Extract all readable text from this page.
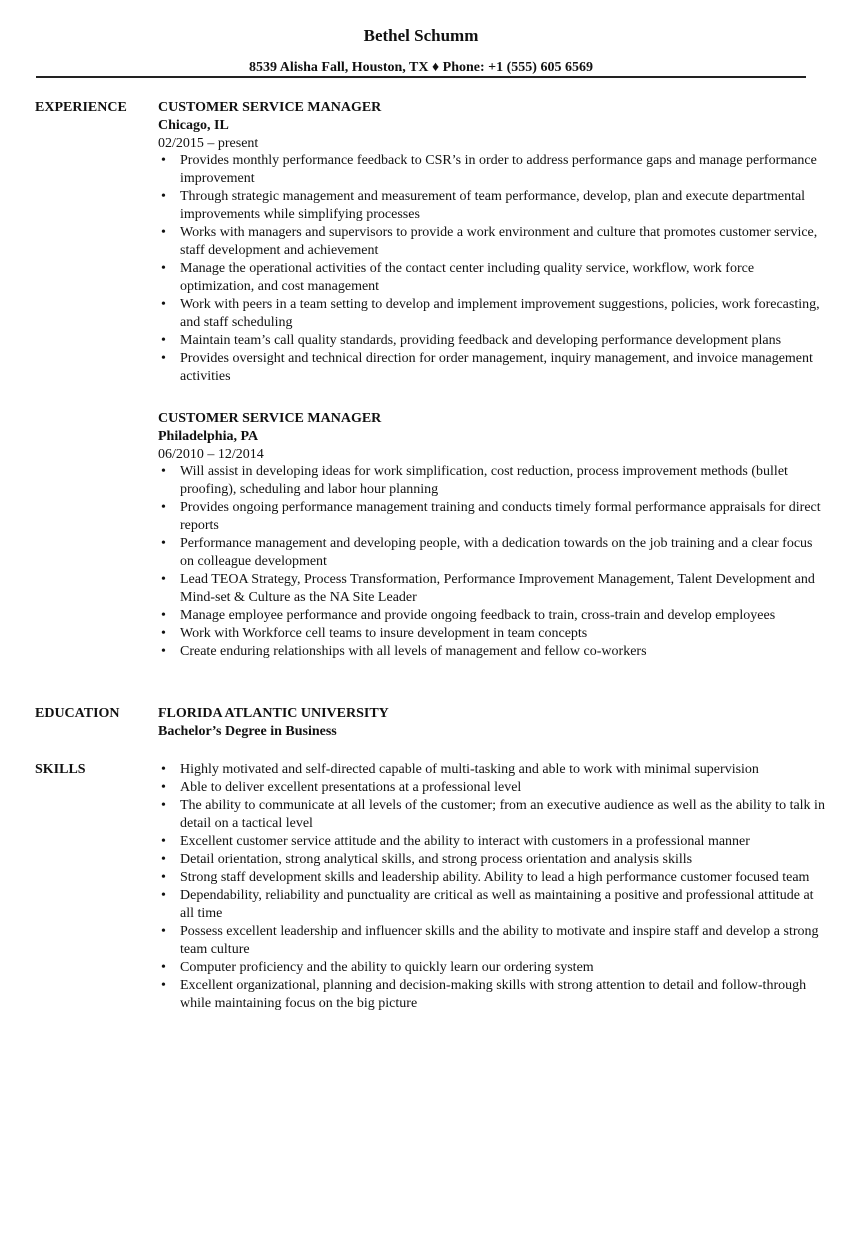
Bethel Schumm
8539 Alisha Fall, Houston, TX ♦ Phone: +1 (555) 605 6569
EXPERIENCE CUSTOMER SERVICE MANAGER
Chicago, IL
02/2015 – present
• Provides monthly performance feedback to CSR’s in order to address performance gaps and manage performance improvement
• Through strategic management and measurement of team performance, develop, plan and execute departmental improvements while simplifying processes
• Works with managers and supervisors to provide a work environment and culture that promotes customer service, staff development and achievement
• Manage the operational activities of the contact center including quality service, workflow, work force optimization, and cost management
• Work with peers in a team setting to develop and implement improvement suggestions, policies, work forecasting, and staff scheduling
• Maintain team’s call quality standards, providing feedback and developing performance development plans
• Provides oversight and technical direction for order management, inquiry management, and invoice management activities
CUSTOMER SERVICE MANAGER
Philadelphia, PA
06/2010 – 12/2014
• Will assist in developing ideas for work simplification, cost reduction, process improvement methods (bullet proofing), scheduling and labor hour planning
• Provides ongoing performance management training and conducts timely formal performance appraisals for direct reports
• Performance management and developing people, with a dedication towards on the job training and a clear focus on colleague development
• Lead TEOA Strategy, Process Transformation, Performance Improvement Management, Talent Development and Mind-set & Culture as the NA Site Leader
• Manage employee performance and provide ongoing feedback to train, cross-train and develop employees
• Work with Workforce cell teams to insure development in team concepts
• Create enduring relationships with all levels of management and fellow co-workers
EDUCATION	FLORIDA ATLANTIC UNIVERSITY
Bachelor’s Degree in Business
SKILLS	• Highly motivated and self-directed capable of multi-tasking and able to work with minimal supervision
• Able to deliver excellent presentations at a professional level
• The ability to communicate at all levels of the customer; from an executive audience as well as the ability to talk in detail on a tactical level
• Excellent customer service attitude and the ability to interact with customers in a professional manner
• Detail orientation, strong analytical skills, and strong process orientation and analysis skills
• Strong staff development skills and leadership ability. Ability to lead a high performance customer focused team
• Dependability, reliability and punctuality are critical as well as maintaining a positive and professional attitude at all time
• Possess excellent leadership and influencer skills and the ability to motivate and inspire staff and develop a strong team culture
• Computer proficiency and the ability to quickly learn our ordering system
• Excellent organizational, planning and decision-making skills with strong attention to detail and follow-through while maintaining focus on the big picture
